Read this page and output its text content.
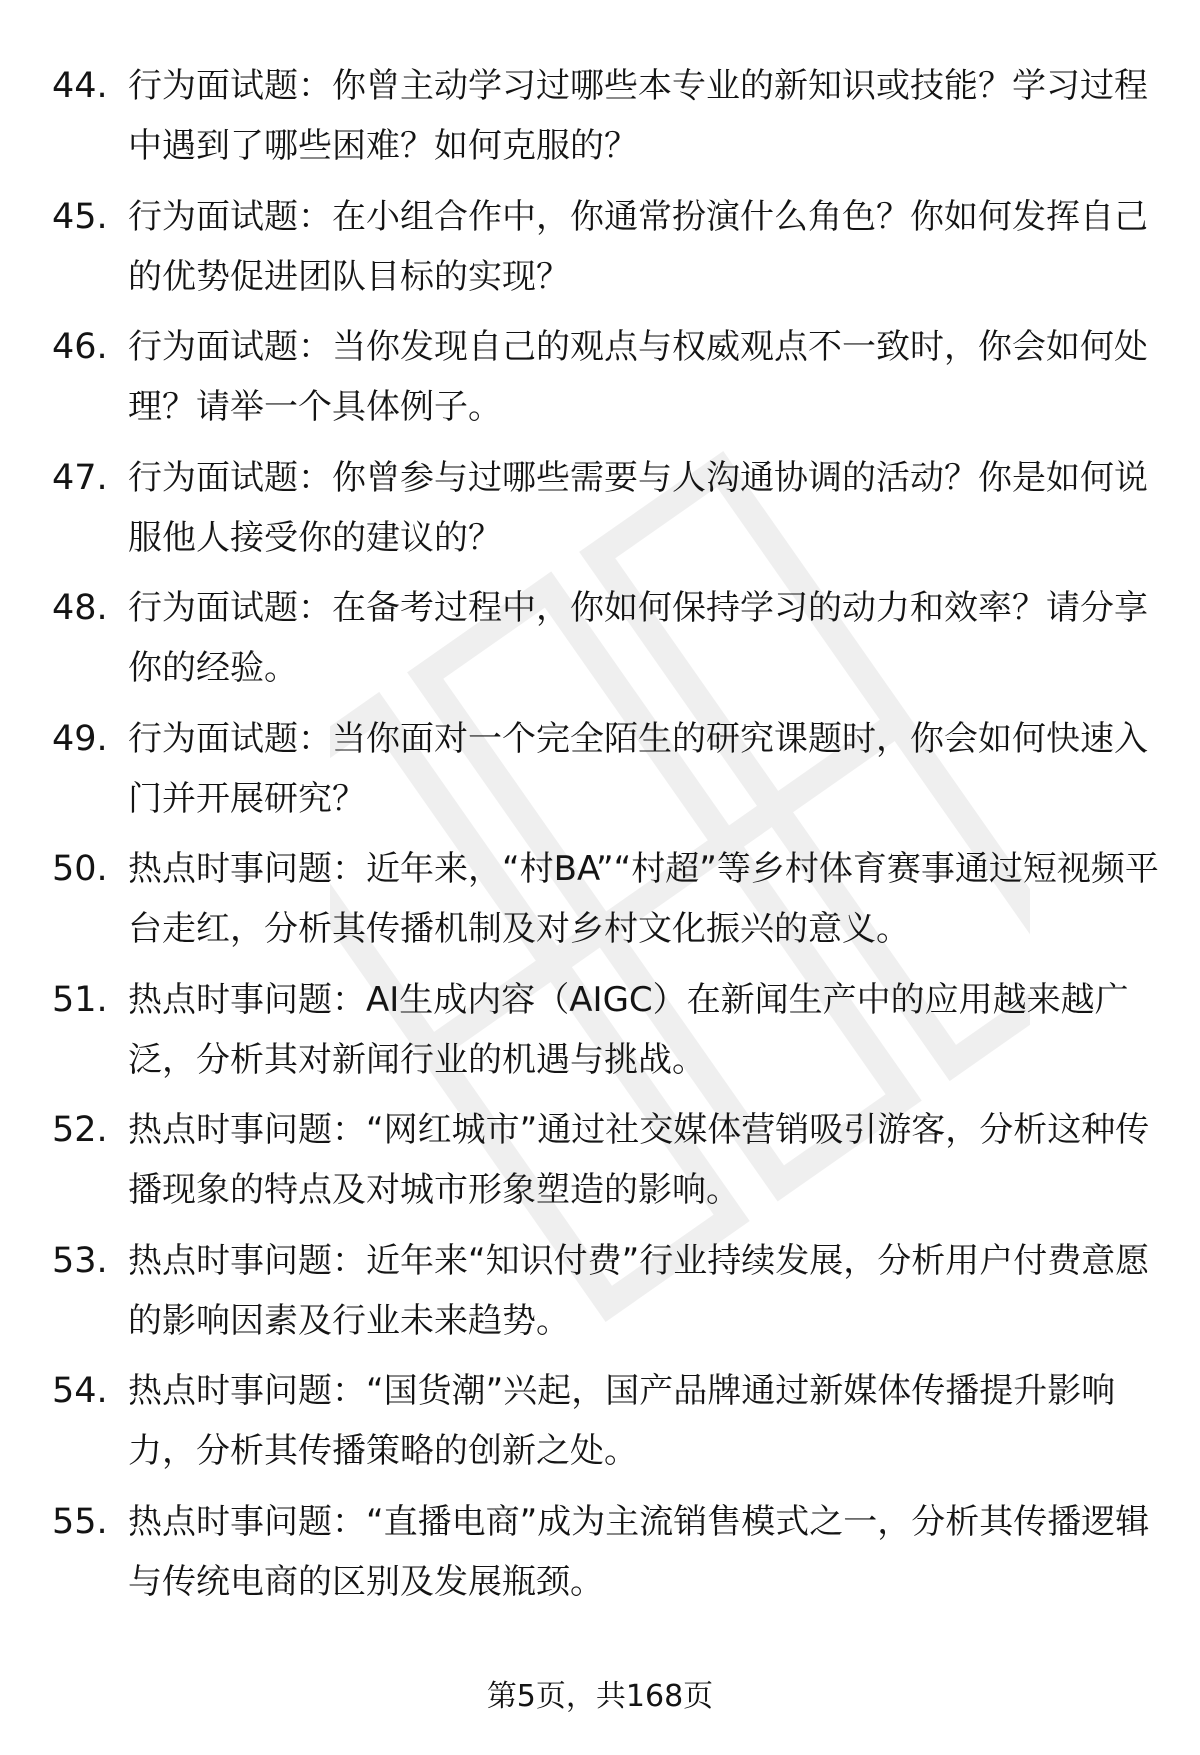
44. 行为面试题：你曾主动学习过哪些本专业的新知识或技能？学习过程中遇到了哪些困难？如何克服的？
45. 行为面试题：在小组合作中，你通常扮演什么角色？你如何发挥自己的优势促进团队目标的实现？
46. 行为面试题：当你发现自己的观点与权威观点不一致时，你会如何处理？请举一个具体例子。
47. 行为面试题：你曾参与过哪些需要与人沟通协调的活动？你是如何说服他人接受你的建议的？
48. 行为面试题：在备考过程中，你如何保持学习的动力和效率？请分享你的经验。
49. 行为面试题：当你面对一个完全陌生的研究课题时，你会如何快速入门并开展研究？
50. 热点时事问题：近年来，“村BA”“村超”等乡村体育赛事通过短视频平台走红，分析其传播机制及对乡村文化振兴的意义。
51. 热点时事问题：AI生成内容（AIGC）在新闻生产中的应用越来越广泛，分析其对新闻行业的机遇与挑战。
52. 热点时事问题：“网红城市”通过社交媒体营销吸引游客，分析这种传播现象的特点及对城市形象塑造的影响。
53. 热点时事问题：近年来“知识付费”行业持续发展，分析用户付费意愿的影响因素及行业未来趋势。
54. 热点时事问题：“国货潮”兴起，国产品牌通过新媒体传播提升影响力，分析其传播策略的创新之处。
55. 热点时事问题：“直播电商”成为主流销售模式之一，分析其传播逻辑与传统电商的区别及发展瓶颈。
第5页，共168页
